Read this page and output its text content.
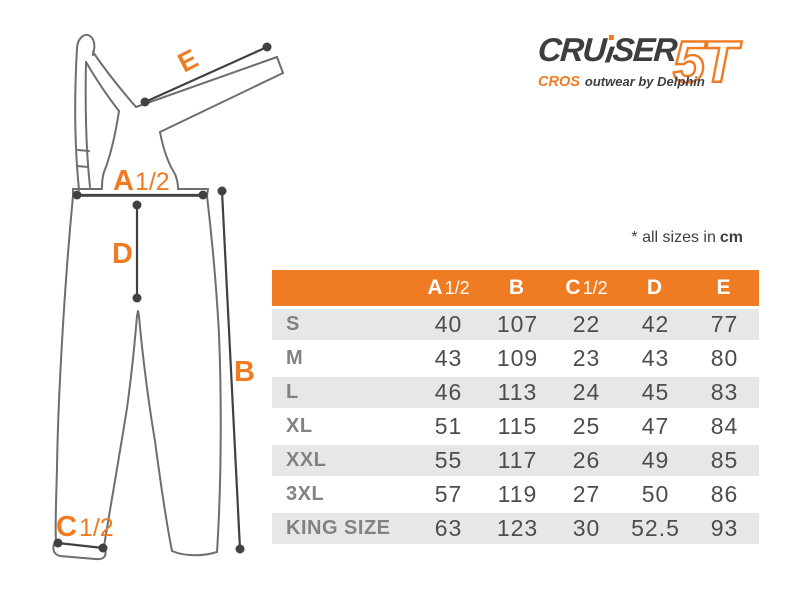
E
A1/2
D
B
C1/2
CRUISER
5T
CROS outwear by Delphin
* all sizes in cm
	A 1/2	B	C 1/2	D	E
S	40	107	22	42	77
M	43	109	23	43	80
L	46	113	24	45	83
XL	51	115	25	47	84
XXL	55	117	26	49	85
3XL	57	119	27	50	86
KING SIZE	63	123	30	52.5	93
